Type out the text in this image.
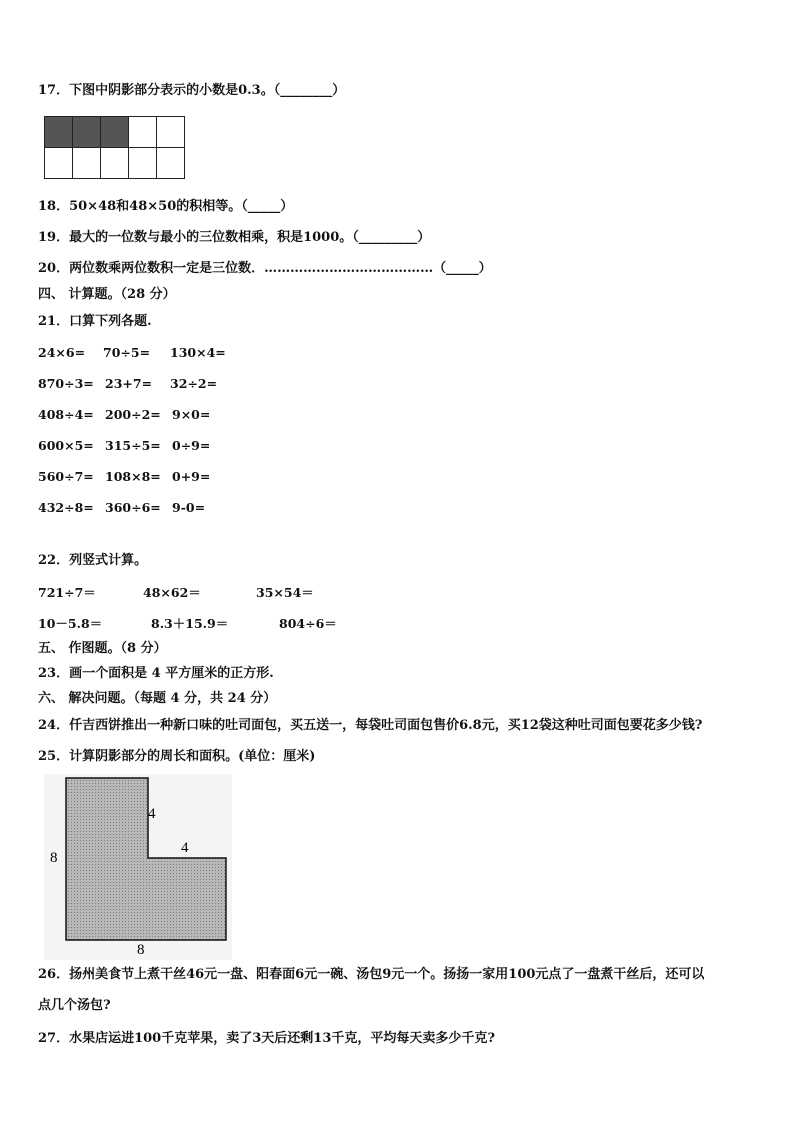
17．下图中阴影部分表示的小数是0.3。（________）

18．50×48和48×50的积相等。（_____）
19．最大的一位数与最小的三位数相乘，积是1000。（_________）
20．两位数乘两位数积一定是三位数．…………………………………（_____）
四、 计算题。（28 分）
21．口算下列各题.
24×6= 70÷5= 130×4=
870÷3= 23+7= 32÷2=
408÷4= 200÷2= 9×0=
600×5= 315÷5= 0÷9=
560÷7= 108×8= 0+9=
432÷8= 360÷6= 9-0=
22．列竖式计算。
721÷7＝	48×62＝	35×54＝
10－5.8＝	8.3＋15.9＝	804÷6＝
五、 作图题。（8 分）
23．画一个面积是 4 平方厘米的正方形.
六、 解决问题。（每题 4 分，共 24 分）
24．仟吉西饼推出一种新口味的吐司面包，买五送一，每袋吐司面包售价6.8元，买12袋这种吐司面包要花多少钱?
25．计算阴影部分的周长和面积。(单位：厘米)
4
4
8
8
26．扬州美食节上煮干丝46元一盘、阳春面6元一碗、汤包9元一个。扬扬一家用100元点了一盘煮干丝后，还可以
点几个汤包?
27．水果店运进100千克苹果，卖了3天后还剩13千克，平均每天卖多少千克?
